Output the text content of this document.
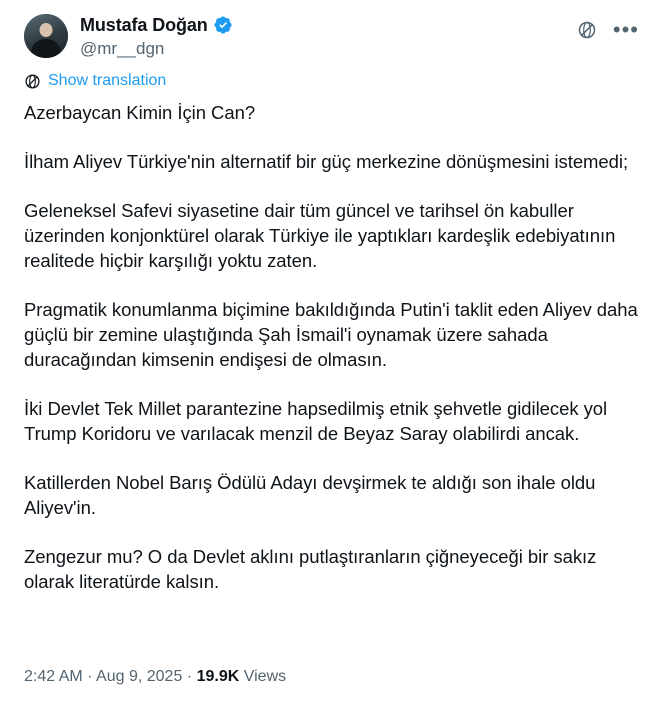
Mustafa Doğan
@mr__dgn
•••
Show translation

Azerbaycan Kimin İçin Can?

İlham Aliyev Türkiye'nin alternatif bir güç merkezine dönüşmesini istemedi;

Geleneksel Safevi siyasetine dair tüm güncel ve tarihsel ön kabuller üzerinden konjonktürel olarak Türkiye ile yaptıkları kardeşlik edebiyatının realitede hiçbir karşılığı yoktu zaten.

Pragmatik konumlanma biçimine bakıldığında Putin'i taklit eden Aliyev daha güçlü bir zemine ulaştığında Şah İsmail'i oynamak üzere sahada duracağından kimsenin endişesi de olmasın.

İki Devlet Tek Millet parantezine hapsedilmiş etnik şehvetle gidilecek yol Trump Koridoru ve varılacak menzil de Beyaz Saray olabilirdi ancak.

Katillerden Nobel Barış Ödülü Adayı devşirmek te aldığı son ihale oldu Aliyev'in.

Zengezur mu? O da Devlet aklını putlaştıranların çiğneyeceği bir sakız olarak literatürde kalsın.

2:42 AM · Aug 9, 2025 · 19.9K Views
